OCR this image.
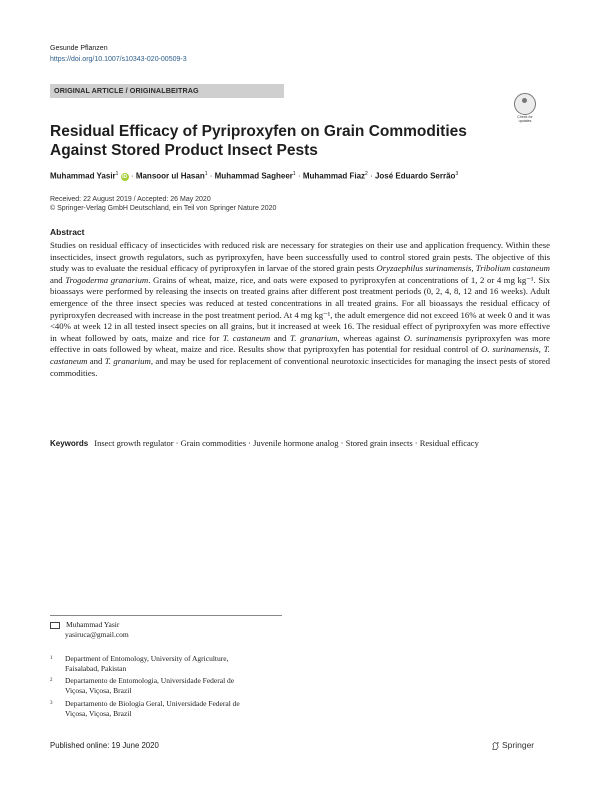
Gesunde Pflanzen
https://doi.org/10.1007/s10343-020-00509-3
ORIGINAL ARTICLE / ORIGINALBEITRAG
Check for
updates
Residual Efficacy of Pyriproxyfen on Grain Commodities Against Stored Product Insect Pests
Muhammad Yasir$^1$ iD · Mansoor ul Hasan$^1$ · Muhammad Sagheer$^1$ · Muhammad Fiaz$^2$ · José Eduardo Serrão$^3$
Received: 22 August 2019 / Accepted: 26 May 2020
© Springer-Verlag GmbH Deutschland, ein Teil von Springer Nature 2020
Abstract
Studies on residual efficacy of insecticides with reduced risk are necessary for strategies on their use and application frequency. Within these insecticides, insect growth regulators, such as pyriproxyfen, have been successfully used to control stored grain pests. The objective of this study was to evaluate the residual efficacy of pyriproxyfen in larvae of the stored grain pests Oryzaephilus surinamensis, Tribolium castaneum and Trogoderma granarium. Grains of wheat, maize, rice, and oats were exposed to pyriproxyfen at concentrations of 1, 2 or 4 mg kg⁻¹. Six bioassays were performed by releasing the insects on treated grains after different post treatment periods (0, 2, 4, 8, 12 and 16 weeks). Adult emergence of the three insect species was reduced at tested concentrations in all treated grains. For all bioassays the residual efficacy of pyriproxyfen decreased with increase in the post treatment period. At 4 mg kg⁻¹, the adult emergence did not exceed 16% at week 0 and it was <40% at week 12 in all tested insect species on all grains, but it increased at week 16. The residual effect of pyriproxyfen was more effective in wheat followed by oats, maize and rice for T. castaneum and T. granarium, whereas against O. surinamensis pyriproxyfen was more effective in oats followed by wheat, maize and rice. Results show that pyriproxyfen has potential for residual control of O. surinamensis, T. castaneum and T. granarium, and may be used for replacement of conventional neurotoxic insecticides for managing the insect pests of stored commodities.
Keywords Insect growth regulator · Grain commodities · Juvenile hormone analog · Stored grain insects · Residual efficacy
Muhammad Yasir
yasiruca@gmail.com
1	Department of Entomology, University of Agriculture,
Faisalabad, Pakistan
2	Departamento de Entomologia, Universidade Federal de
Viçosa, Viçosa, Brazil
3	Departamento de Biologia Geral, Universidade Federal de
Viçosa, Viçosa, Brazil
Published online: 19 June 2020	Springer
